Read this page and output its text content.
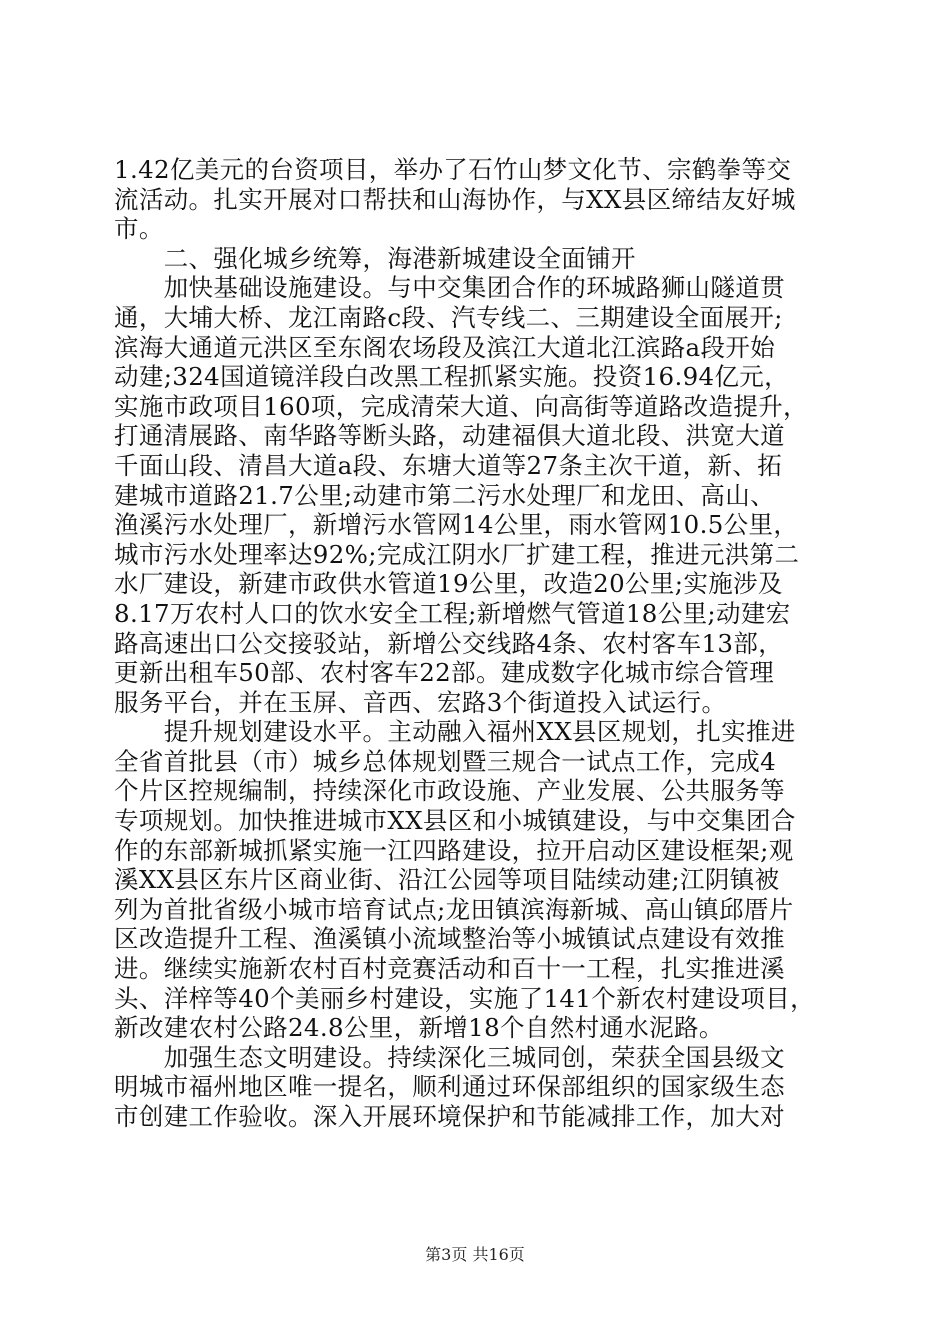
1.42亿美元的台资项目，举办了石竹山梦文化节、宗鹤拳等交
流活动。扎实开展对口帮扶和山海协作，与XX县区缔结友好城
市。
　　二、强化城乡统筹，海港新城建设全面铺开
　　加快基础设施建设。与中交集团合作的环城路狮山隧道贯
通，大埔大桥、龙江南路c段、汽专线二、三期建设全面展开;
滨海大通道元洪区至东阁农场段及滨江大道北江滨路a段开始
动建;324国道镜洋段白改黑工程抓紧实施。投资16.94亿元，
实施市政项目160项，完成清荣大道、向高街等道路改造提升，
打通清展路、南华路等断头路，动建福俱大道北段、洪宽大道
千面山段、清昌大道a段、东塘大道等27条主次干道，新、拓
建城市道路21.7公里;动建市第二污水处理厂和龙田、高山、
渔溪污水处理厂，新增污水管网14公里，雨水管网10.5公里，
城市污水处理率达92%;完成江阴水厂扩建工程，推进元洪第二
水厂建设，新建市政供水管道19公里，改造20公里;实施涉及
8.17万农村人口的饮水安全工程;新增燃气管道18公里;动建宏
路高速出口公交接驳站，新增公交线路4条、农村客车13部，
更新出租车50部、农村客车22部。建成数字化城市综合管理
服务平台，并在玉屏、音西、宏路3个街道投入试运行。
　　提升规划建设水平。主动融入福州XX县区规划，扎实推进
全省首批县（市）城乡总体规划暨三规合一试点工作，完成4
个片区控规编制，持续深化市政设施、产业发展、公共服务等
专项规划。加快推进城市XX县区和小城镇建设，与中交集团合
作的东部新城抓紧实施一江四路建设，拉开启动区建设框架;观
溪XX县区东片区商业街、沿江公园等项目陆续动建;江阴镇被
列为首批省级小城市培育试点;龙田镇滨海新城、高山镇邱厝片
区改造提升工程、渔溪镇小流域整治等小城镇试点建设有效推
进。继续实施新农村百村竞赛活动和百十一工程，扎实推进溪
头、洋梓等40个美丽乡村建设，实施了141个新农村建设项目，
新改建农村公路24.8公里，新增18个自然村通水泥路。
　　加强生态文明建设。持续深化三城同创，荣获全国县级文
明城市福州地区唯一提名，顺利通过环保部组织的国家级生态
市创建工作验收。深入开展环境保护和节能减排工作，加大对
第3页 共16页
